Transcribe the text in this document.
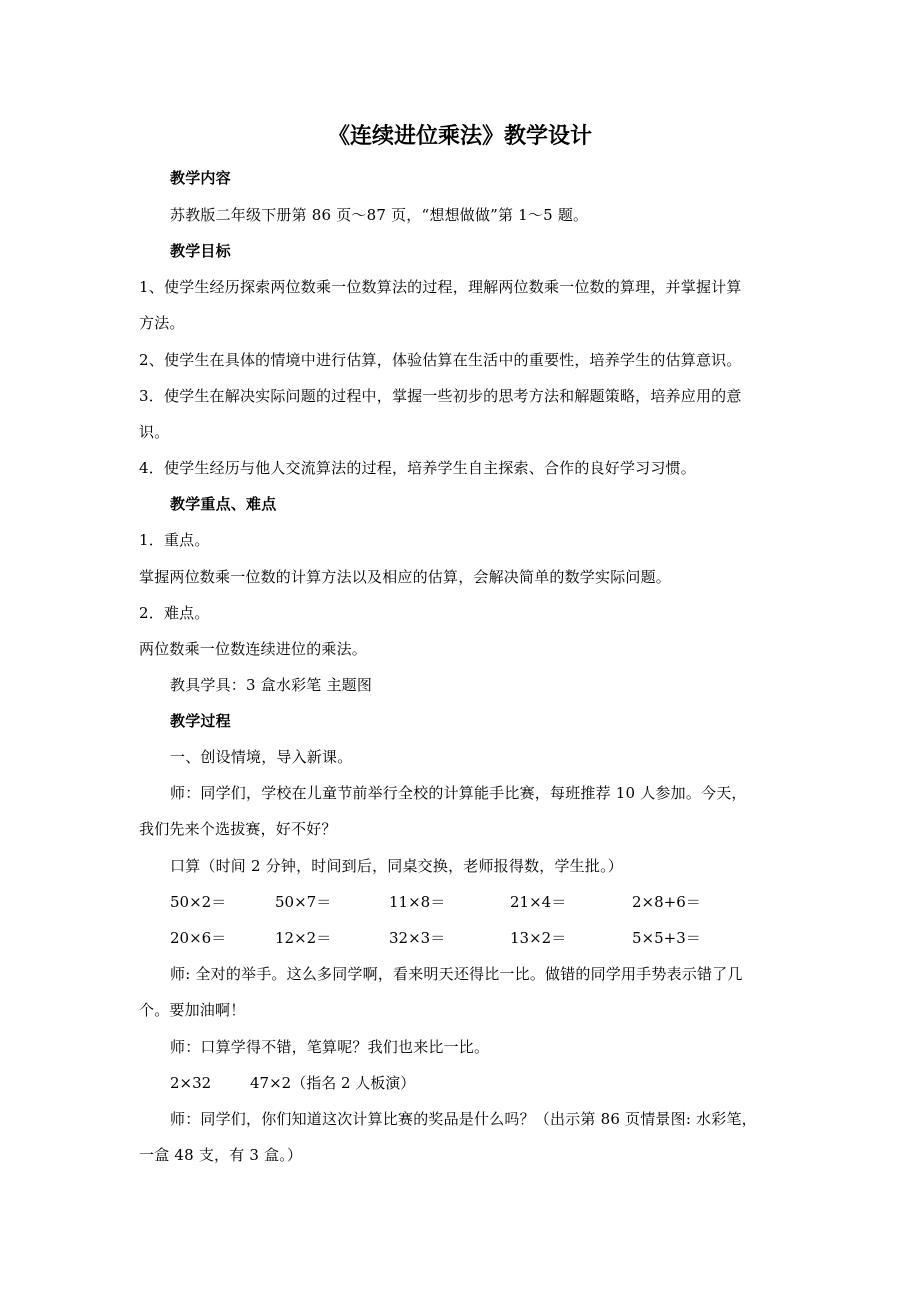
《连续进位乘法》教学设计
教学内容
苏教版二年级下册第 86 页～87 页，“想想做做”第 1～5 题。
教学目标
1、使学生经历探索两位数乘一位数算法的过程，理解两位数乘一位数的算理，并掌握计算
方法。
2、使学生在具体的情境中进行估算，体验估算在生活中的重要性，培养学生的估算意识。
3．使学生在解决实际问题的过程中，掌握一些初步的思考方法和解题策略，培养应用的意
识。
4．使学生经历与他人交流算法的过程，培养学生自主探索、合作的良好学习习惯。
教学重点、难点
1．重点。
掌握两位数乘一位数的计算方法以及相应的估算，会解决简单的数学实际问题。
2．难点。
两位数乘一位数连续进位的乘法。
教具学具：3 盒水彩笔 主题图
教学过程
一、创设情境，导入新课。
师：同学们，学校在儿童节前举行全校的计算能手比赛，每班推荐 10 人参加。今天，
我们先来个选拔赛，好不好？
口算（时间 2 分钟，时间到后，同桌交换，老师报得数，学生批。）
50×2＝	50×7＝	11×8＝	21×4＝	2×8+6＝
20×6＝	12×2＝	32×3＝	13×2＝	5×5+3＝
师: 全对的举手。这么多同学啊，看来明天还得比一比。做错的同学用手势表示错了几
个。要加油啊！
师：口算学得不错，笔算呢？我们也来比一比。
2×32	47×2（指名 2 人板演）
师：同学们，你们知道这次计算比赛的奖品是什么吗？（出示第 86 页情景图: 水彩笔，
一盒 48 支，有 3 盒。）
